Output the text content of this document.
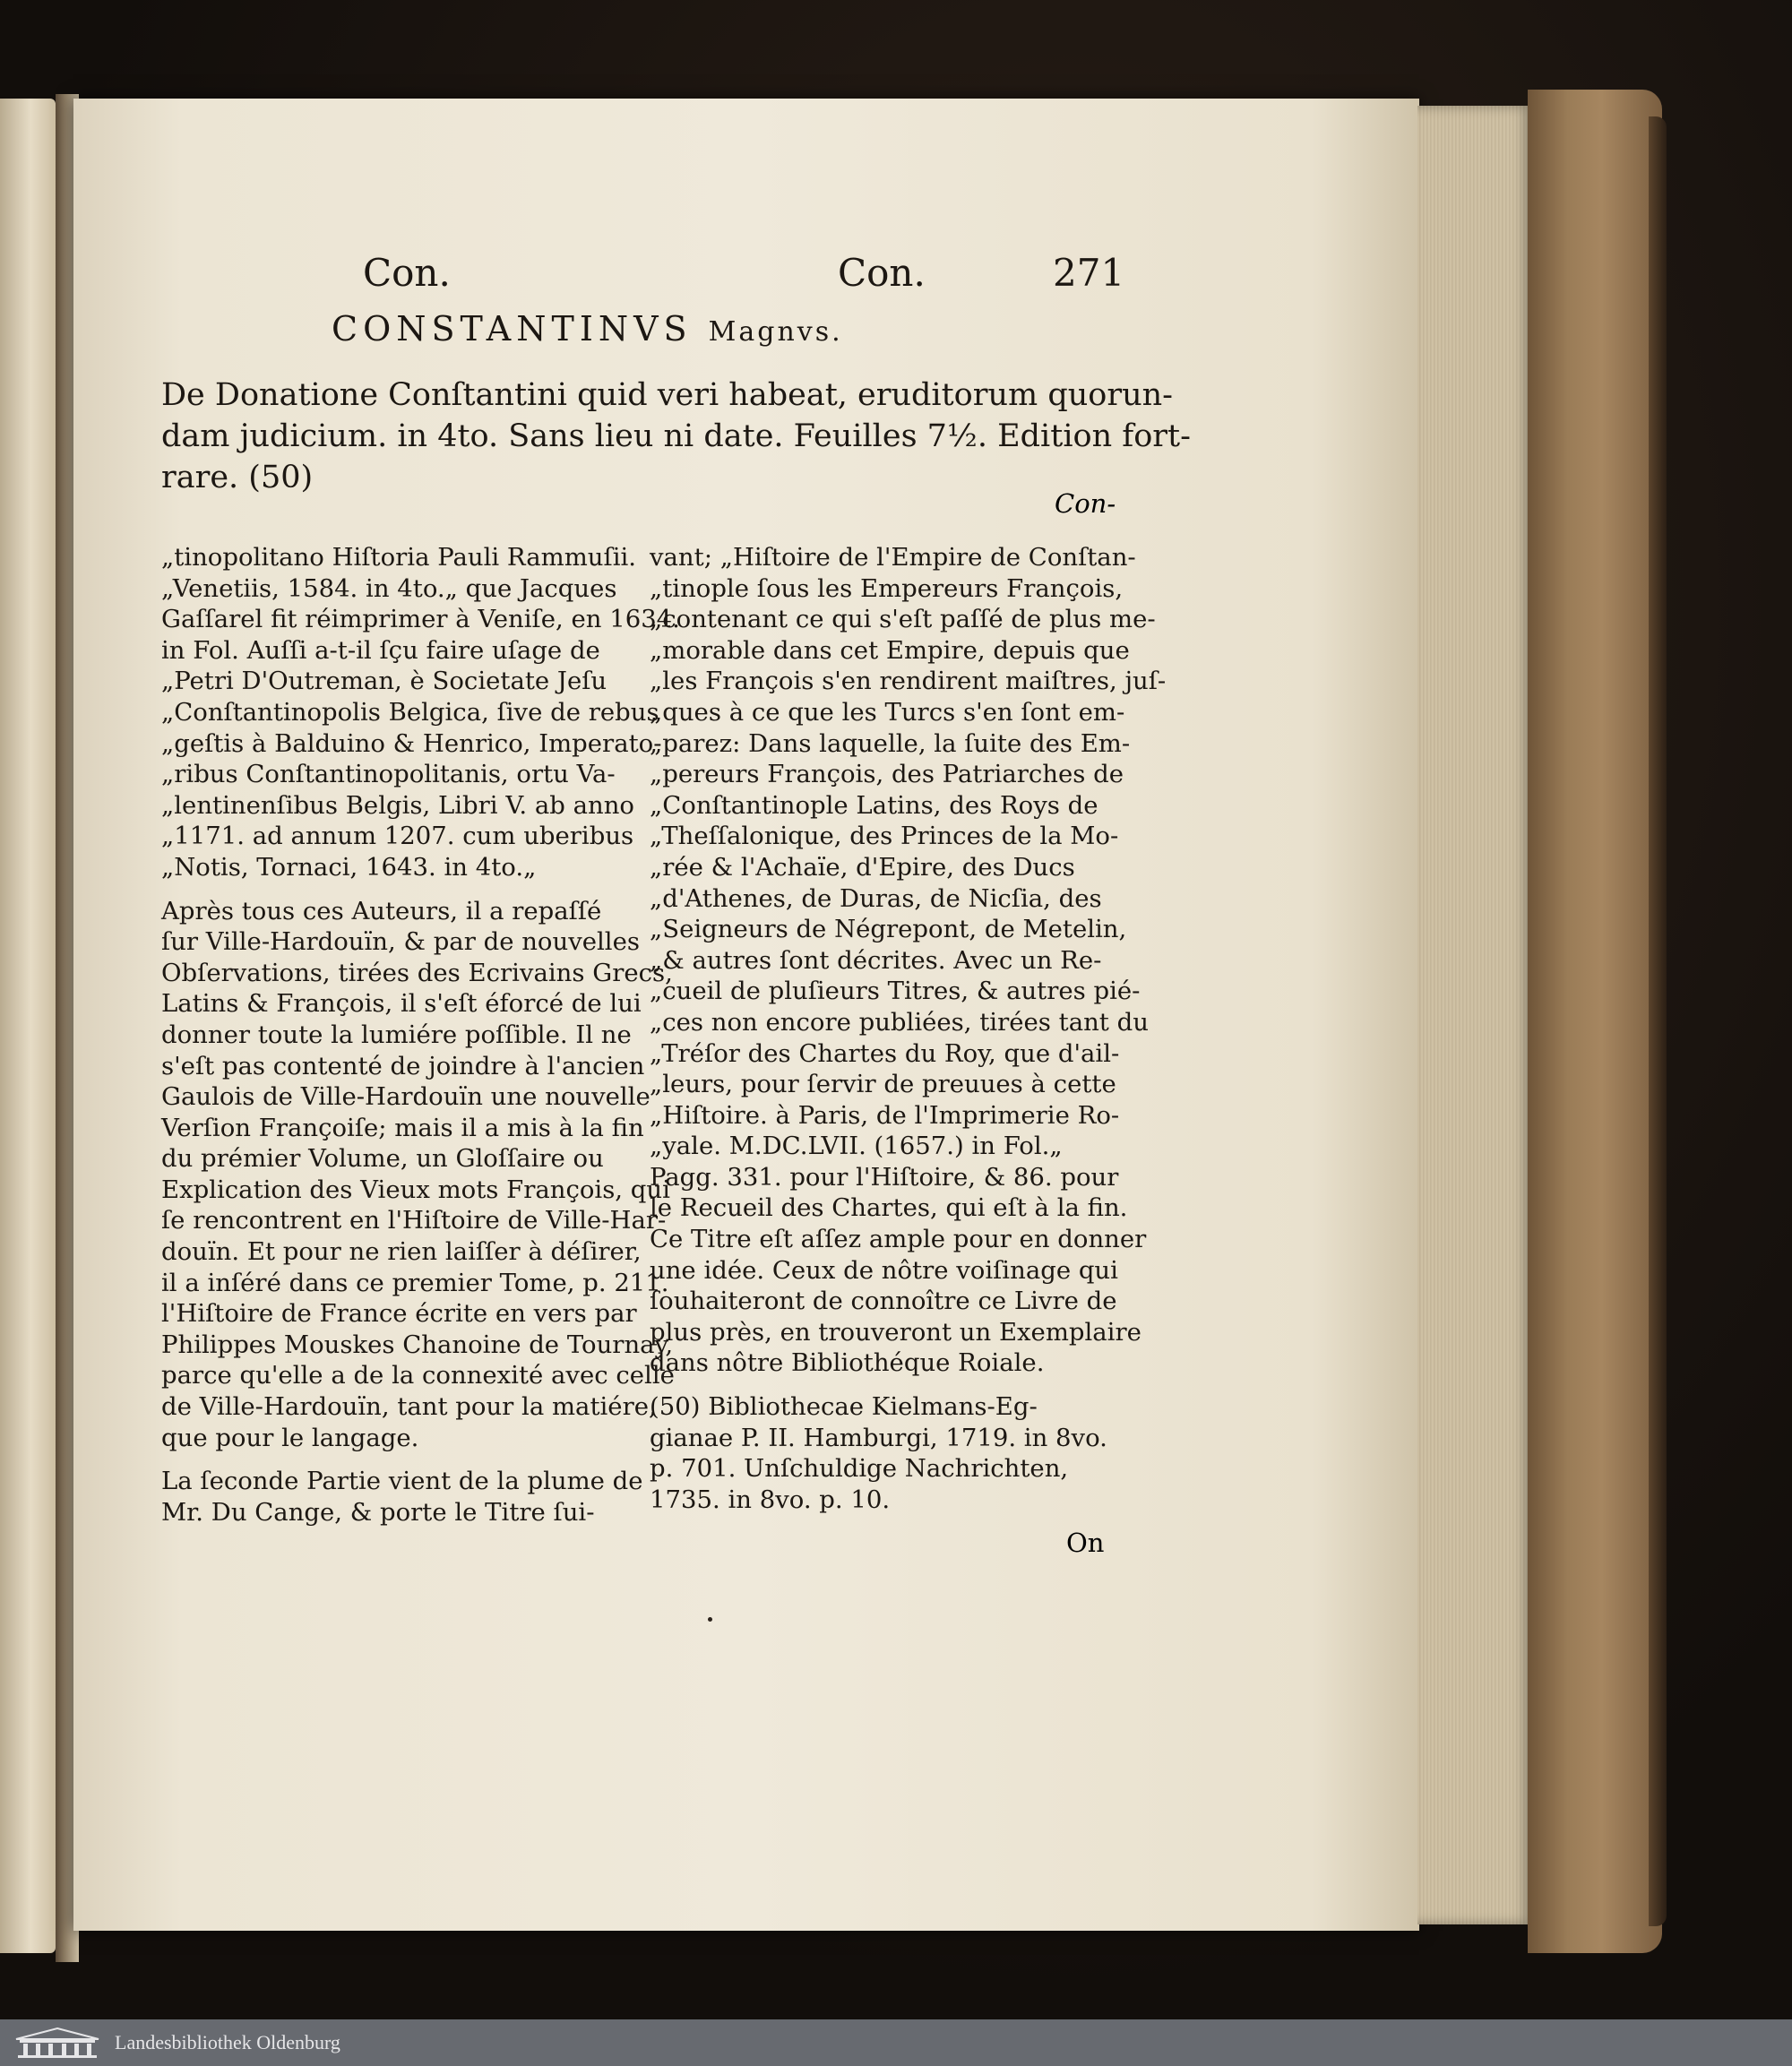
Con.	Con.	271
CONSTANTINVS Magnvs.
De Donatione Conſtantini quid veri habeat, eruditorum quorun-
dam judicium. in 4to. Sans lieu ni date. Feuilles 7½. Edition fort-
rare. (50)
Con-
„tinopolitano Hiſtoria Pauli Rammuſii.
„Venetiis, 1584. in 4to.„ que Jacques
Gaſſarel fit réimprimer à Veniſe, en 1634.
in Fol. Auſſi a-t-il ſçu faire uſage de
„Petri D'Outreman, è Societate Jeſu
„Conſtantinopolis Belgica, ſive de rebus
„geſtis à Balduino & Henrico, Imperato-
„ribus Conſtantinopolitanis, ortu Va-
„lentinenſibus Belgis, Libri V. ab anno
„1171. ad annum 1207. cum uberibus
„Notis, Tornaci, 1643. in 4to.„
Après tous ces Auteurs, il a repaſſé
ſur Ville-Hardouïn, & par de nouvelles
Obſervations, tirées des Ecrivains Grecs,
Latins & François, il s'eſt éforcé de lui
donner toute la lumiére poſſible. Il ne
s'eſt pas contenté de joindre à l'ancien
Gaulois de Ville-Hardouïn une nouvelle
Verſion Françoiſe; mais il a mis à la fin
du prémier Volume, un Gloſſaire ou
Explication des Vieux mots François, qui
ſe rencontrent en l'Hiſtoire de Ville-Har-
douïn. Et pour ne rien laiſſer à déſirer,
il a inſéré dans ce premier Tome, p. 211.
l'Hiſtoire de France écrite en vers par
Philippes Mouskes Chanoine de Tournay,
parce qu'elle a de la connexité avec celle
de Ville-Hardouïn, tant pour la matiére,
que pour le langage.
La ſeconde Partie vient de la plume de
Mr. Du Cange, & porte le Titre ſui-
vant; „Hiſtoire de l'Empire de Conſtan-
„tinople ſous les Empereurs François,
„contenant ce qui s'eſt paſſé de plus me-
„morable dans cet Empire, depuis que
„les François s'en rendirent maiſtres, juſ-
„ques à ce que les Turcs s'en ſont em-
„parez: Dans laquelle, la ſuite des Em-
„pereurs François, des Patriarches de
„Conſtantinople Latins, des Roys de
„Theſſalonique, des Princes de la Mo-
„rée & l'Achaïe, d'Epire, des Ducs
„d'Athenes, de Duras, de Nicſia, des
„Seigneurs de Négrepont, de Metelin,
„& autres ſont décrites. Avec un Re-
„cueil de pluſieurs Titres, & autres pié-
„ces non encore publiées, tirées tant du
„Tréſor des Chartes du Roy, que d'ail-
„leurs, pour ſervir de preuues à cette
„Hiſtoire. à Paris, de l'Imprimerie Ro-
„yale. M.DC.LVII. (1657.) in Fol.„
Pagg. 331. pour l'Hiſtoire, & 86. pour
le Recueil des Chartes, qui eſt à la fin.
Ce Titre eſt aſſez ample pour en donner
une idée. Ceux de nôtre voiſinage qui
ſouhaiteront de connoître ce Livre de
plus près, en trouveront un Exemplaire
dans nôtre Bibliothéque Roiale.
(50) Bibliothecae Kielmans-Eg-
gianae P. II. Hamburgi, 1719. in 8vo.
p. 701. Unſchuldige Nachrichten,
1735. in 8vo. p. 10.
On
Landesbibliothek Oldenburg
